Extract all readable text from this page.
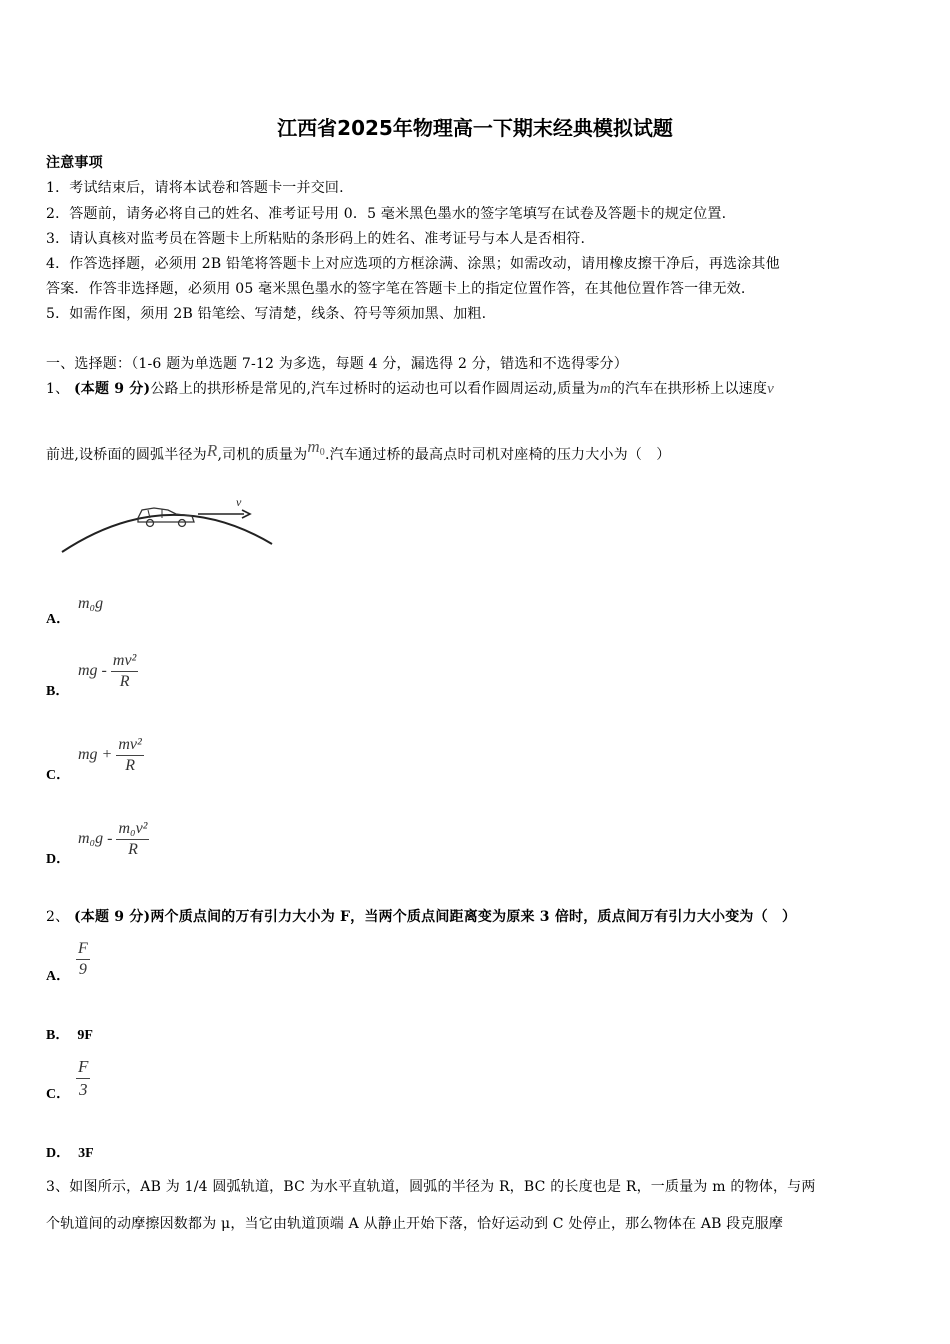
江西省2025年物理高一下期末经典模拟试题
注意事项
1．考试结束后，请将本试卷和答题卡一并交回.
2．答题前，请务必将自己的姓名、准考证号用 0．5 毫米黑色墨水的签字笔填写在试卷及答题卡的规定位置.
3．请认真核对监考员在答题卡上所粘贴的条形码上的姓名、准考证号与本人是否相符.
4．作答选择题，必须用 2B 铅笔将答题卡上对应选项的方框涂满、涂黑；如需改动，请用橡皮擦干净后，再选涂其他
答案．作答非选择题，必须用 05 毫米黑色墨水的签字笔在答题卡上的指定位置作答，在其他位置作答一律无效.
5．如需作图，须用 2B 铅笔绘、写清楚，线条、符号等须加黑、加粗.
一、选择题：（1-6 题为单选题 7-12 为多选，每题 4 分，漏选得 2 分，错选和不选得零分）
1、 (本题 9 分)公路上的拱形桥是常见的,汽车过桥时的运动也可以看作圆周运动,质量为m的汽车在拱形桥上以速度v
前进,设桥面的圆弧半径为R,司机的质量为$m_0$.汽车通过桥的最高点时司机对座椅的压力大小为（　）
v
A．
m₀g
B．
mg - $\frac{\text{mv²}}{R}$
C．
mg + $\frac{\text{mv²}}{R}$
D．
$m_0g - \frac{\text{m₀v²}}{R}$
2、 (本题 9 分)两个质点间的万有引力大小为 F，当两个质点间距离变为原来 3 倍时，质点间万有引力大小变为（　）
A． $\frac{F}{9}$
B． 9F
C． $\frac{F}{3}$
D． 3F
3、如图所示，AB 为 1/4 圆弧轨道，BC 为水平直轨道，圆弧的半径为 R，BC 的长度也是 R，一质量为 m 的物体，与两
个轨道间的动摩擦因数都为 μ，当它由轨道顶端 A 从静止开始下落，恰好运动到 C 处停止，那么物体在 AB 段克服摩
